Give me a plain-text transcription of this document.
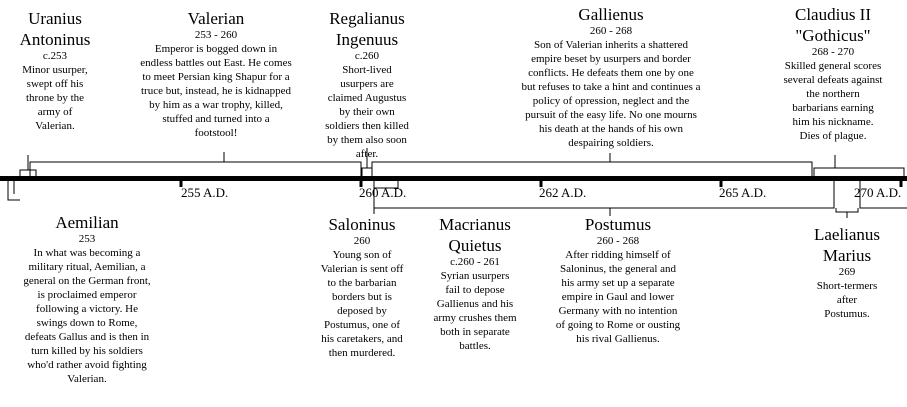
Uranius
Antoninus
c.253
Minor usurper, swept off his throne by the army of Valerian.
Valerian
253 - 260
Emperor is bogged down in endless battles out East. He comes to meet Persian king Shapur for a truce but, instead, he is kidnapped by him as a war trophy, killed, stuffed and turned into a footstool!
Regalianus
Ingenuus
c.260
Short-lived usurpers are claimed Augustus by their own soldiers then killed by them also soon after.
Gallienus
260 - 268
Son of Valerian inherits a shattered empire beset by usurpers and border conflicts. He defeats them one by one but refuses to take a hint and continues a policy of opression, neglect and the pursuit of the easy life. No one mourns his death at the hands of his own despairing soldiers.
Claudius II
"Gothicus"
268 - 270
Skilled general scores several defeats against the northern barbarians earning him his nickname. Dies of plague.
255 A.D.	260 A.D.	262 A.D.	265 A.D.	270 A.D.
Aemilian
253
In what was becoming a military ritual, Aemilian, a general on the German front, is proclaimed emperor following a victory. He swings down to Rome, defeats Gallus and is then in turn killed by his soldiers who'd rather avoid fighting Valerian.
Saloninus
260
Young son of Valerian is sent off to the barbarian borders but is deposed by Postumus, one of his caretakers, and then murdered.
Macrianus
Quietus
c.260 - 261
Syrian usurpers fail to depose Gallienus and his army crushes them both in separate battles.
Postumus
260 - 268
After ridding himself of Saloninus, the general and his army set up a separate empire in Gaul and lower Germany with no intention of going to Rome or ousting his rival Gallienus.
Laelianus
Marius
269
Short-termers after Postumus.
